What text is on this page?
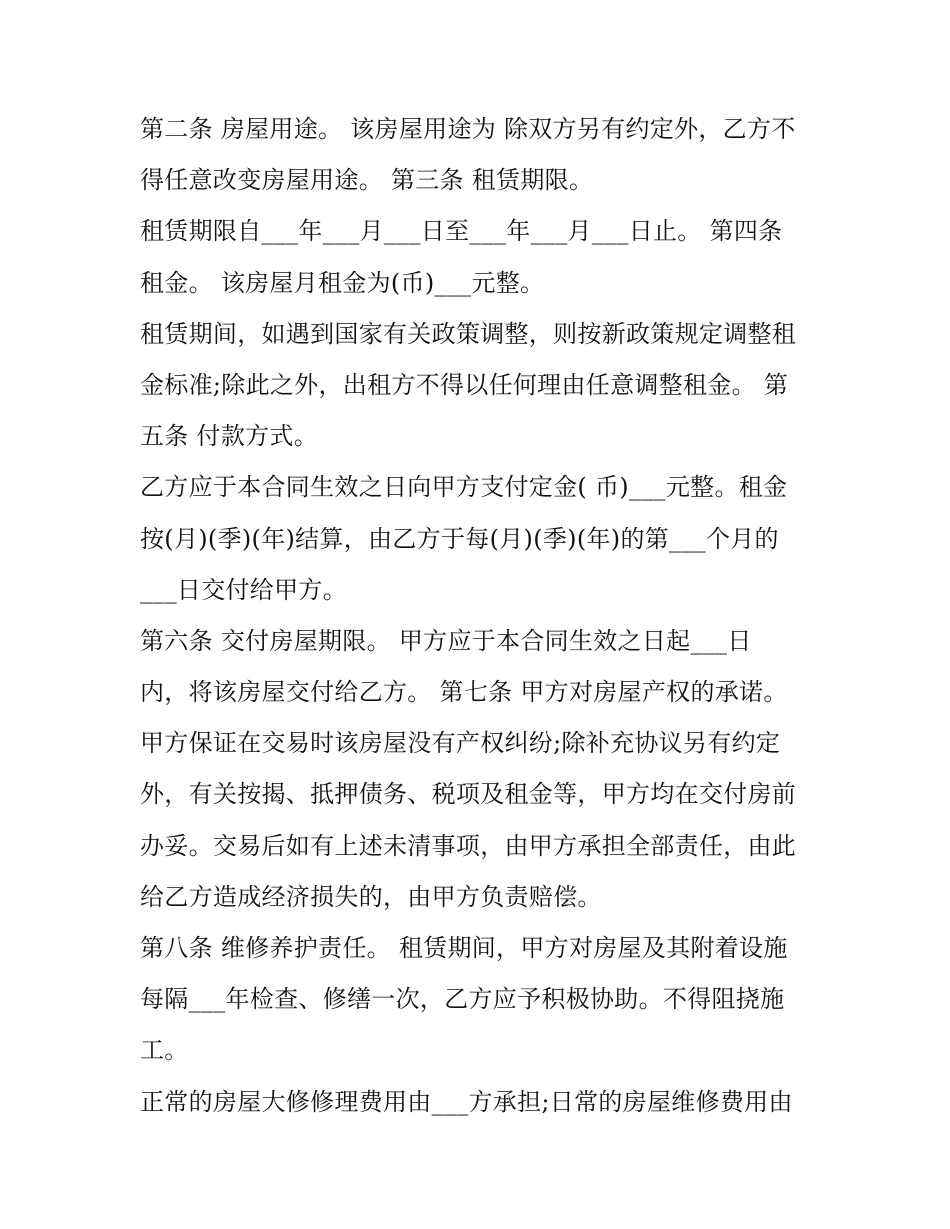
第二条 房屋用途。 该房屋用途为 除双方另有约定外，乙方不
得任意改变房屋用途。 第三条 租赁期限。
租赁期限自___年___月___日至___年___月___日止。 第四条
租金。 该房屋月租金为(币)___元整。
租赁期间，如遇到国家有关政策调整，则按新政策规定调整租
金标准;除此之外，出租方不得以任何理由任意调整租金。 第
五条 付款方式。
乙方应于本合同生效之日向甲方支付定金( 币)___元整。租金
按(月)(季)(年)结算，由乙方于每(月)(季)(年)的第___个月的
___日交付给甲方。
第六条 交付房屋期限。 甲方应于本合同生效之日起___日
内，将该房屋交付给乙方。 第七条 甲方对房屋产权的承诺。
甲方保证在交易时该房屋没有产权纠纷;除补充协议另有约定
外，有关按揭、抵押债务、税项及租金等，甲方均在交付房前
办妥。交易后如有上述未清事项，由甲方承担全部责任，由此
给乙方造成经济损失的，由甲方负责赔偿。
第八条 维修养护责任。 租赁期间，甲方对房屋及其附着设施
每隔___年检查、修缮一次，乙方应予积极协助。不得阻挠施
工。
正常的房屋大修修理费用由___方承担;日常的房屋维修费用由
